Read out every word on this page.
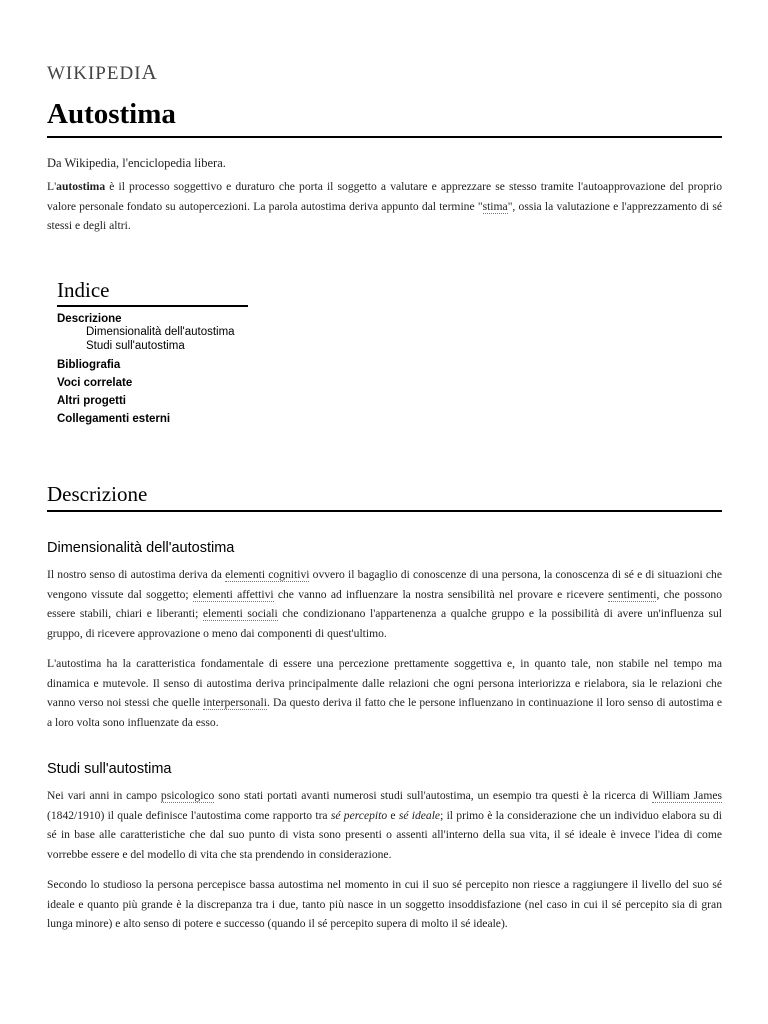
WIKIPEDIA
Autostima
Da Wikipedia, l'enciclopedia libera.
L'autostima è il processo soggettivo e duraturo che porta il soggetto a valutare e apprezzare se stesso tramite l'autoapprovazione del proprio valore personale fondato su autopercezioni. La parola autostima deriva appunto dal termine "stima", ossia la valutazione e l'apprezzamento di sé stessi e degli altri.
Indice
Descrizione
Dimensionalità dell'autostima
Studi sull'autostima
Bibliografia
Voci correlate
Altri progetti
Collegamenti esterni
Descrizione
Dimensionalità dell'autostima
Il nostro senso di autostima deriva da elementi cognitivi ovvero il bagaglio di conoscenze di una persona, la conoscenza di sé e di situazioni che vengono vissute dal soggetto; elementi affettivi che vanno ad influenzare la nostra sensibilità nel provare e ricevere sentimenti, che possono essere stabili, chiari e liberanti; elementi sociali che condizionano l'appartenenza a qualche gruppo e la possibilità di avere un'influenza sul gruppo, di ricevere approvazione o meno dai componenti di quest'ultimo.
L'autostima ha la caratteristica fondamentale di essere una percezione prettamente soggettiva e, in quanto tale, non stabile nel tempo ma dinamica e mutevole. Il senso di autostima deriva principalmente dalle relazioni che ogni persona interiorizza e rielabora, sia le relazioni che vanno verso noi stessi che quelle interpersonali. Da questo deriva il fatto che le persone influenzano in continuazione il loro senso di autostima e a loro volta sono influenzate da esso.
Studi sull'autostima
Nei vari anni in campo psicologico sono stati portati avanti numerosi studi sull'autostima, un esempio tra questi è la ricerca di William James (1842/1910) il quale definisce l'autostima come rapporto tra sé percepito e sé ideale; il primo è la considerazione che un individuo elabora su di sé in base alle caratteristiche che dal suo punto di vista sono presenti o assenti all'interno della sua vita, il sé ideale è invece l'idea di come vorrebbe essere e del modello di vita che sta prendendo in considerazione.
Secondo lo studioso la persona percepisce bassa autostima nel momento in cui il suo sé percepito non riesce a raggiungere il livello del suo sé ideale e quanto più grande è la discrepanza tra i due, tanto più nasce in un soggetto insoddisfazione (nel caso in cui il sé percepito sia di gran lunga minore) e alto senso di potere e successo (quando il sé percepito supera di molto il sé ideale).
